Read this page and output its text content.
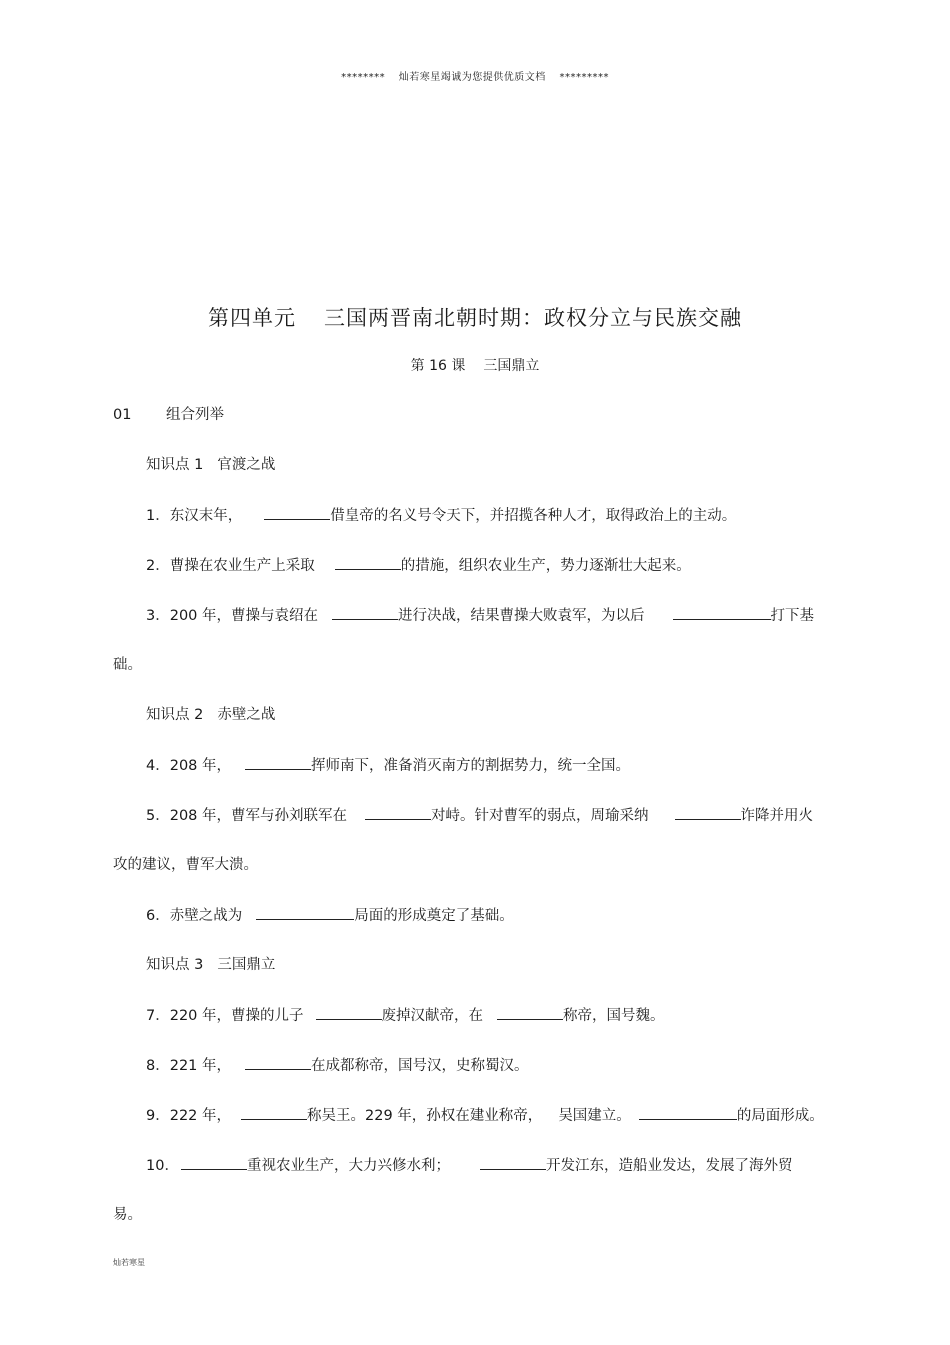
******** 灿若寒星竭诚为您提供优质文档 *********
第四单元 三国两晋南北朝时期：政权分立与民族交融
第 16 课 三国鼎立
01 组合列举
知识点 1 官渡之战
1．东汉末年，	借皇帝的名义号令天下，并招揽各种人才，取得政治上的主动。
2．曹操在农业生产上采取	的措施，组织农业生产，势力逐渐壮大起来。
3．200 年，曹操与袁绍在	进行决战，结果曹操大败袁军，为以后	打下基
础。
知识点 2 赤壁之战
4．208 年，	挥师南下，准备消灭南方的割据势力，统一全国。
5．208 年，曹军与孙刘联军在	对峙。针对曹军的弱点，周瑜采纳	诈降并用火
攻的建议，曹军大溃。
6．赤壁之战为	局面的形成奠定了基础。
知识点 3 三国鼎立
7．220 年，曹操的儿子	废掉汉献帝，在	称帝，国号魏。
8．221 年，	在成都称帝，国号汉，史称蜀汉。
9．222 年，	称吴王。229 年，孙权在建业称帝， 吴国建立。	的局面形成。
10．	重视农业生产，大力兴修水利；	开发江东，造船业发达，发展了海外贸
易。
灿若寒星
